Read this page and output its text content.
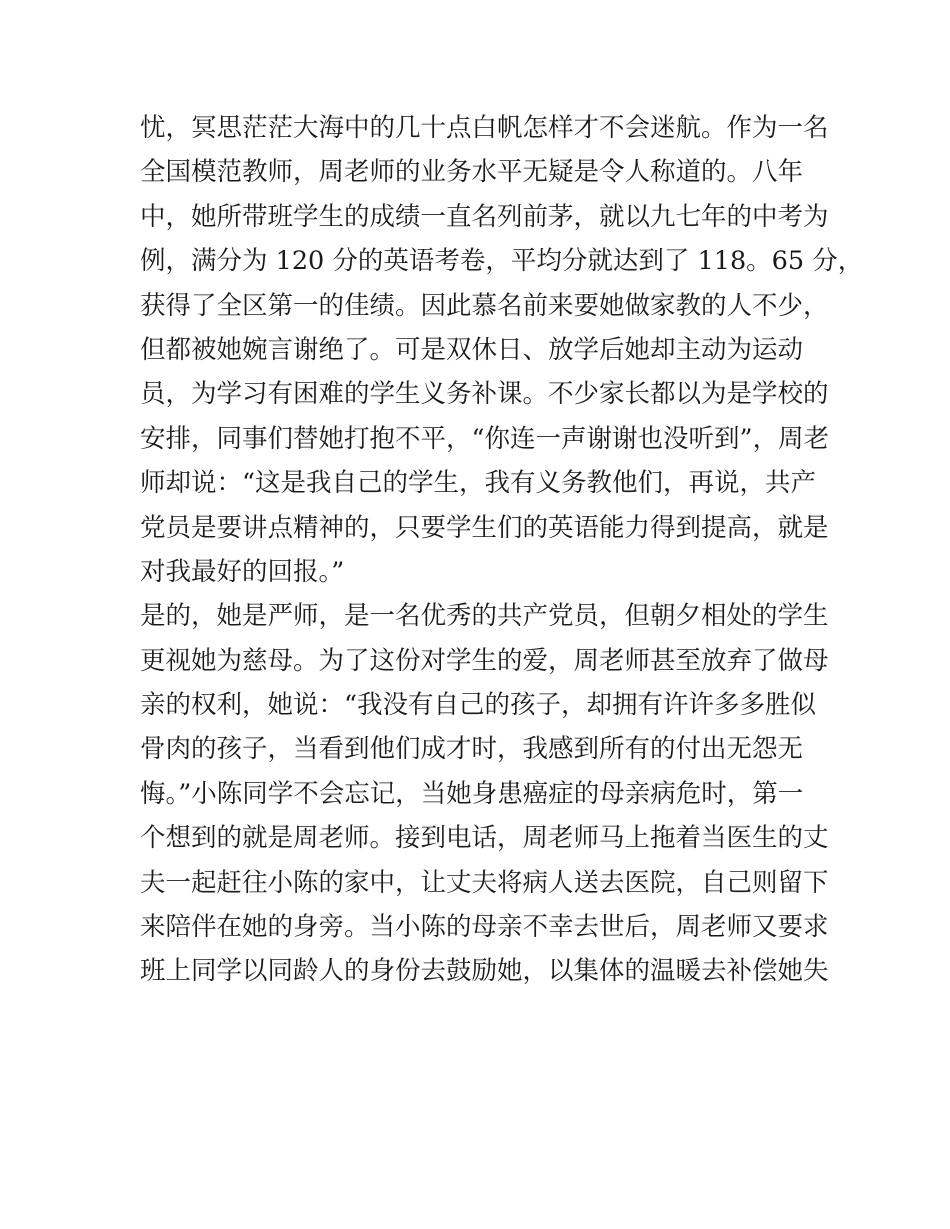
忧，冥思茫茫大海中的几十点白帆怎样才不会迷航。作为一名
全国模范教师，周老师的业务水平无疑是令人称道的。八年
中，她所带班学生的成绩一直名列前茅，就以九七年的中考为
例，满分为 120 分的英语考卷，平均分就达到了 118。65 分，
获得了全区第一的佳绩。因此慕名前来要她做家教的人不少，
但都被她婉言谢绝了。可是双休日、放学后她却主动为运动
员，为学习有困难的学生义务补课。不少家长都以为是学校的
安排，同事们替她打抱不平，“你连一声谢谢也没听到”，周老
师却说：“这是我自己的学生，我有义务教他们，再说，共产
党员是要讲点精神的，只要学生们的英语能力得到提高，就是
对我最好的回报。”
是的，她是严师，是一名优秀的共产党员，但朝夕相处的学生
更视她为慈母。为了这份对学生的爱，周老师甚至放弃了做母
亲的权利，她说：“我没有自己的孩子，却拥有许许多多胜似
骨肉的孩子，当看到他们成才时，我感到所有的付出无怨无
悔。”小陈同学不会忘记，当她身患癌症的母亲病危时，第一
个想到的就是周老师。接到电话，周老师马上拖着当医生的丈
夫一起赶往小陈的家中，让丈夫将病人送去医院，自己则留下
来陪伴在她的身旁。当小陈的母亲不幸去世后，周老师又要求
班上同学以同龄人的身份去鼓励她，以集体的温暖去补偿她失
